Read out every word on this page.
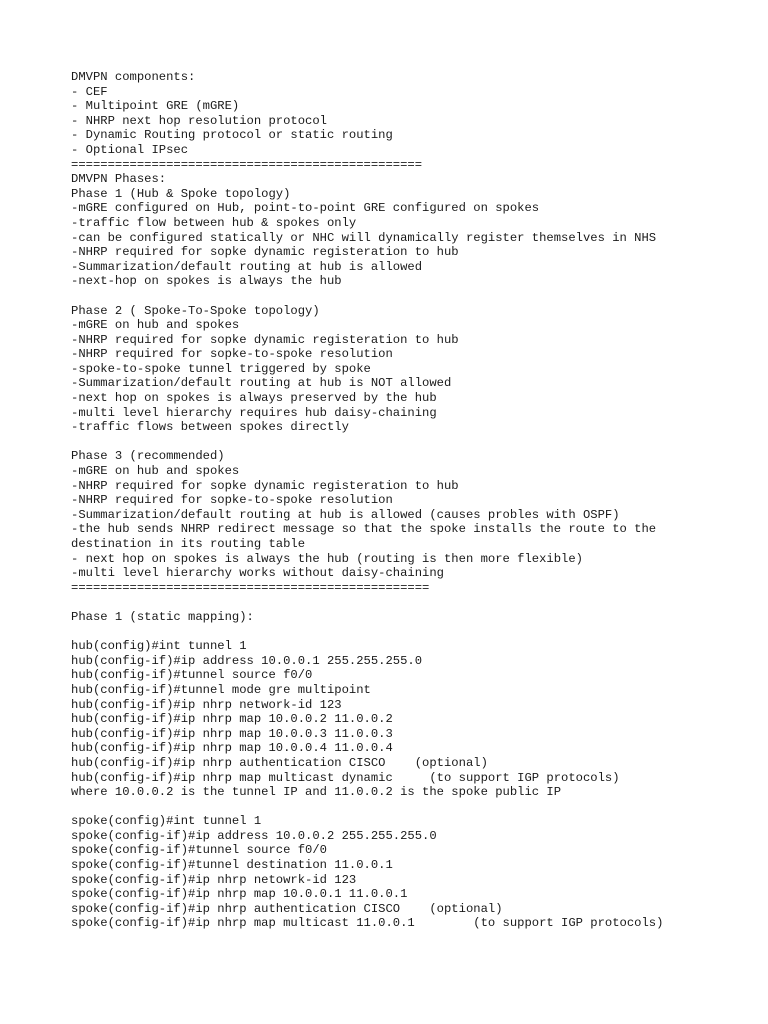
DMVPN components:

- CEF

- Multipoint GRE (mGRE)

- NHRP next hop resolution protocol

- Dynamic Routing protocol or static routing

- Optional IPsec

================================================

DMVPN Phases:

Phase 1 (Hub & Spoke topology)

-mGRE configured on Hub, point-to-point GRE configured on spokes

-traffic flow between hub & spokes only

-can be configured statically or NHC will dynamically register themselves in NHS

-NHRP required for sopke dynamic registeration to hub

-Summarization/default routing at hub is allowed

-next-hop on spokes is always the hub

Phase 2 ( Spoke-To-Spoke topology)

-mGRE on hub and spokes

-NHRP required for sopke dynamic registeration to hub

-NHRP required for sopke-to-spoke resolution

-spoke-to-spoke tunnel triggered by spoke

-Summarization/default routing at hub is NOT allowed

-next hop on spokes is always preserved by the hub

-multi level hierarchy requires hub daisy-chaining

-traffic flows between spokes directly

Phase 3 (recommended)

-mGRE on hub and spokes

-NHRP required for sopke dynamic registeration to hub

-NHRP required for sopke-to-spoke resolution

-Summarization/default routing at hub is allowed (causes probles with OSPF)

-the hub sends NHRP redirect message so that the spoke installs the route to the

destination in its routing table

- next hop on spokes is always the hub (routing is then more flexible)

-multi level hierarchy works without daisy-chaining

=================================================

Phase 1 (static mapping):

hub(config)#int tunnel 1

hub(config-if)#ip address 10.0.0.1 255.255.255.0

hub(config-if)#tunnel source f0/0

hub(config-if)#tunnel mode gre multipoint

hub(config-if)#ip nhrp network-id 123

hub(config-if)#ip nhrp map 10.0.0.2 11.0.0.2

hub(config-if)#ip nhrp map 10.0.0.3 11.0.0.3

hub(config-if)#ip nhrp map 10.0.0.4 11.0.0.4

hub(config-if)#ip nhrp authentication CISCO    (optional)

hub(config-if)#ip nhrp map multicast dynamic     (to support IGP protocols)

where 10.0.0.2 is the tunnel IP and 11.0.0.2 is the spoke public IP

spoke(config)#int tunnel 1

spoke(config-if)#ip address 10.0.0.2 255.255.255.0

spoke(config-if)#tunnel source f0/0

spoke(config-if)#tunnel destination 11.0.0.1

spoke(config-if)#ip nhrp netowrk-id 123

spoke(config-if)#ip nhrp map 10.0.0.1 11.0.0.1

spoke(config-if)#ip nhrp authentication CISCO    (optional)

spoke(config-if)#ip nhrp map multicast 11.0.0.1        (to support IGP protocols)
